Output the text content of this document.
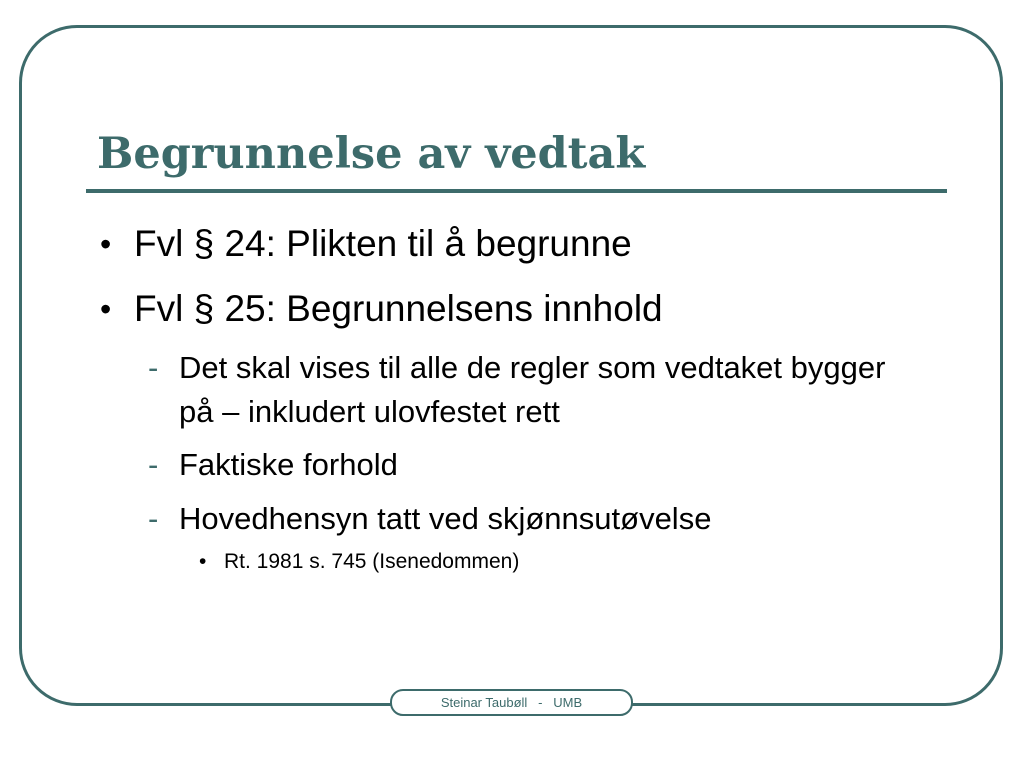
Begrunnelse av vedtak
• Fvl § 24: Plikten til å begrunne
• Fvl § 25: Begrunnelsens innhold
- Det skal vises til alle de regler som vedtaket bygger på – inkludert ulovfestet rett
- Faktiske forhold
- Hovedhensyn tatt ved skjønnsutøvelse
• Rt. 1981 s. 745 (Isenedommen)
Steinar Taubøll   -   UMB
